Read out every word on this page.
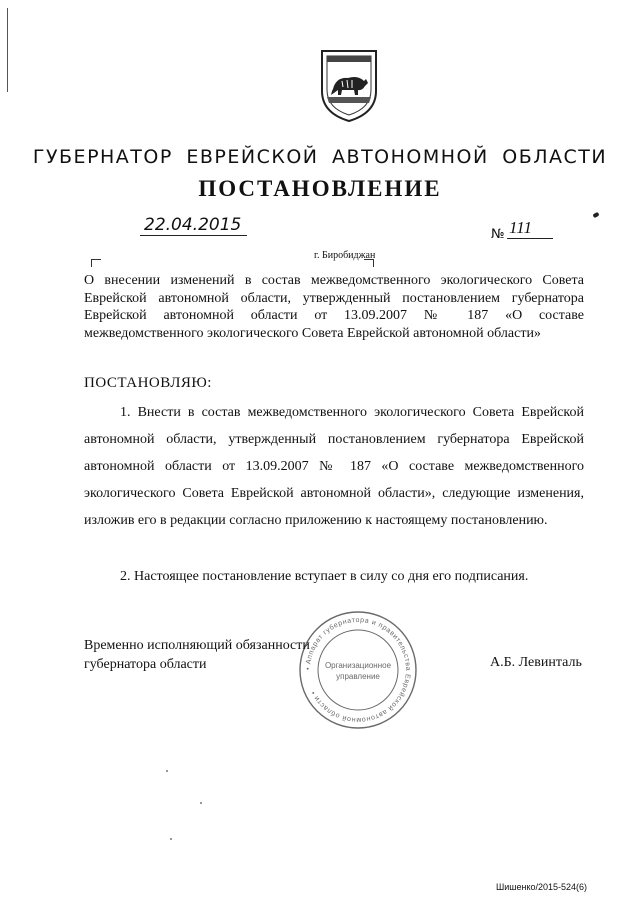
ГУБЕРНАТОР ЕВРЕЙСКОЙ АВТОНОМНОЙ ОБЛАСТИ
ПОСТАНОВЛЕНИЕ
22.04.2015	№ 111
г. Биробиджан
О внесении изменений в состав межведомственного экологического Совета Еврейской автономной области, утвержденный постановлением губернатора Еврейской автономной области от 13.09.2007 № 187 «О составе межведомственного экологического Совета Еврейской автономной области»
ПОСТАНОВЛЯЮ:
1. Внести в состав межведомственного экологического Совета Еврейской автономной области, утвержденный постановлением губернатора Еврейской автономной области от 13.09.2007 № 187 «О составе межведомственного экологического Совета Еврейской автономной области», следующие изменения, изложив его в редакции согласно приложению к настоящему постановлению.
2. Настоящее постановление вступает в силу со дня его подписания.
• Аппарат губернатора и правительства Еврейской автономной области •
Организационное
управление
Временно исполняющий обязанности
губернатора области	А.Б. Левинталь
Шишенко/2015-524(6)
